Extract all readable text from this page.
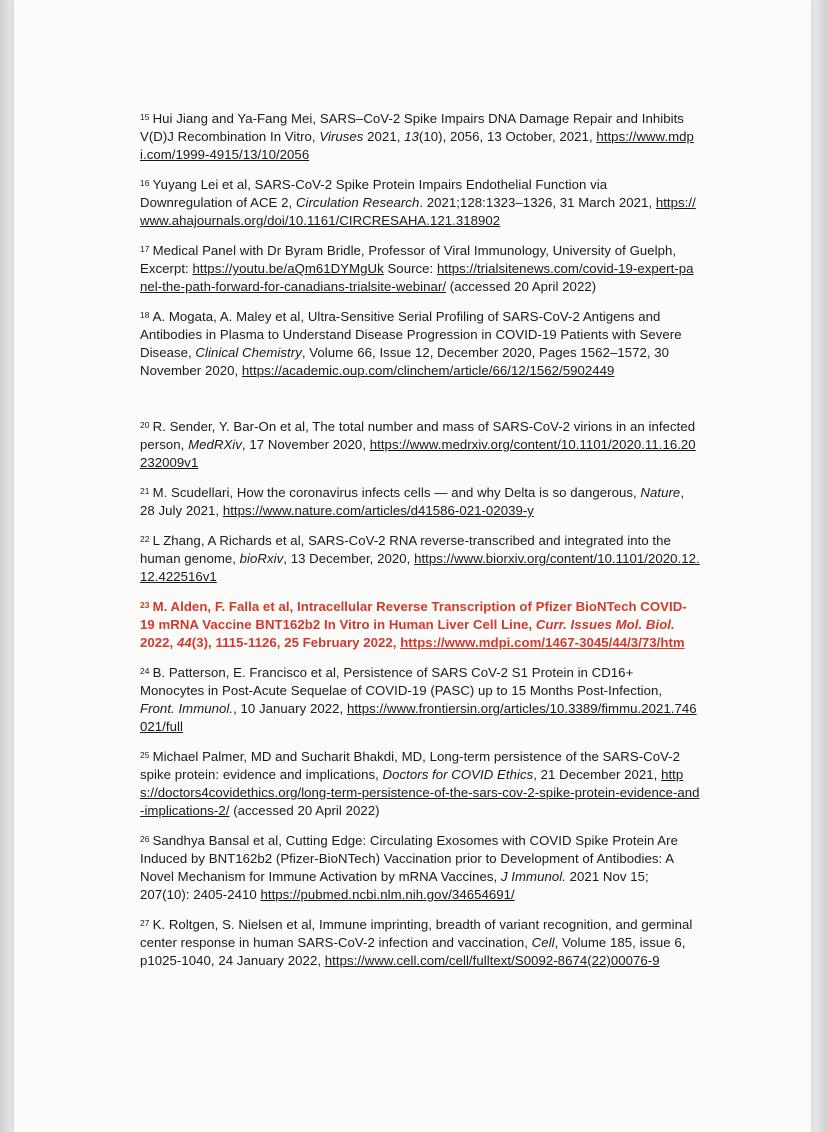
$^{15}$ Hui Jiang and Ya-Fang Mei, SARS–CoV-2 Spike Impairs DNA Damage Repair and Inhibits V(D)J Recombination In Vitro, Viruses 2021, 13(10), 2056, 13 October, 2021, https://www.mdpi.com/1999-4915/13/10/2056

$^{16}$ Yuyang Lei et al, SARS-CoV-2 Spike Protein Impairs Endothelial Function via Downregulation of ACE 2, Circulation Research. 2021;128:1323–1326, 31 March 2021, https://www.ahajournals.org/doi/10.1161/CIRCRESAHA.121.318902

$^{17}$ Medical Panel with Dr Byram Bridle, Professor of Viral Immunology, University of Guelph, Excerpt: https://youtu.be/aQm61DYMgUk Source: https://trialsitenews.com/covid-19-expert-panel-the-path-forward-for-canadians-trialsite-webinar/ (accessed 20 April 2022)

$^{18}$ A. Mogata, A. Maley et al, Ultra-Sensitive Serial Profiling of SARS-CoV-2 Antigens and Antibodies in Plasma to Understand Disease Progression in COVID-19 Patients with Severe Disease, Clinical Chemistry, Volume 66, Issue 12, December 2020, Pages 1562–1572, 30 November 2020, https://academic.oup.com/clinchem/article/66/12/1562/5902449

$^{20}$ R. Sender, Y. Bar-On et al, The total number and mass of SARS-CoV-2 virions in an infected person, MedRXiv, 17 November 2020, https://www.medrxiv.org/content/10.1101/2020.11.16.20232009v1

$^{21}$ M. Scudellari, How the coronavirus infects cells — and why Delta is so dangerous, Nature, 28 July 2021, https://www.nature.com/articles/d41586-021-02039-y

$^{22}$ L Zhang, A Richards et al, SARS-CoV-2 RNA reverse-transcribed and integrated into the human genome, bioRxiv, 13 December, 2020, https://www.biorxiv.org/content/10.1101/2020.12.12.422516v1

$^{23}$ M. Alden, F. Falla et al, Intracellular Reverse Transcription of Pfizer BioNTech COVID-19 mRNA Vaccine BNT162b2 In Vitro in Human Liver Cell Line, Curr. Issues Mol. Biol. 2022, 44(3), 1115-1126, 25 February 2022, https://www.mdpi.com/1467-3045/44/3/73/htm

$^{24}$ B. Patterson, E. Francisco et al, Persistence of SARS CoV-2 S1 Protein in CD16+ Monocytes in Post-Acute Sequelae of COVID-19 (PASC) up to 15 Months Post-Infection, Front. Immunol., 10 January 2022, https://www.frontiersin.org/articles/10.3389/fimmu.2021.746021/full

$^{25}$ Michael Palmer, MD and Sucharit Bhakdi, MD, Long-term persistence of the SARS-CoV-2 spike protein: evidence and implications, Doctors for COVID Ethics, 21 December 2021, https://doctors4covidethics.org/long-term-persistence-of-the-sars-cov-2-spike-protein-evidence-and-implications-2/ (accessed 20 April 2022)

$^{26}$ Sandhya Bansal et al, Cutting Edge: Circulating Exosomes with COVID Spike Protein Are Induced by BNT162b2 (Pfizer-BioNTech) Vaccination prior to Development of Antibodies: A Novel Mechanism for Immune Activation by mRNA Vaccines, J Immunol. 2021 Nov 15; 207(10): 2405-2410 https://pubmed.ncbi.nlm.nih.gov/34654691/

$^{27}$ K. Roltgen, S. Nielsen et al, Immune imprinting, breadth of variant recognition, and germinal center response in human SARS-CoV-2 infection and vaccination, Cell, Volume 185, issue 6, p1025-1040, 24 January 2022, https://www.cell.com/cell/fulltext/S0092-8674(22)00076-9
